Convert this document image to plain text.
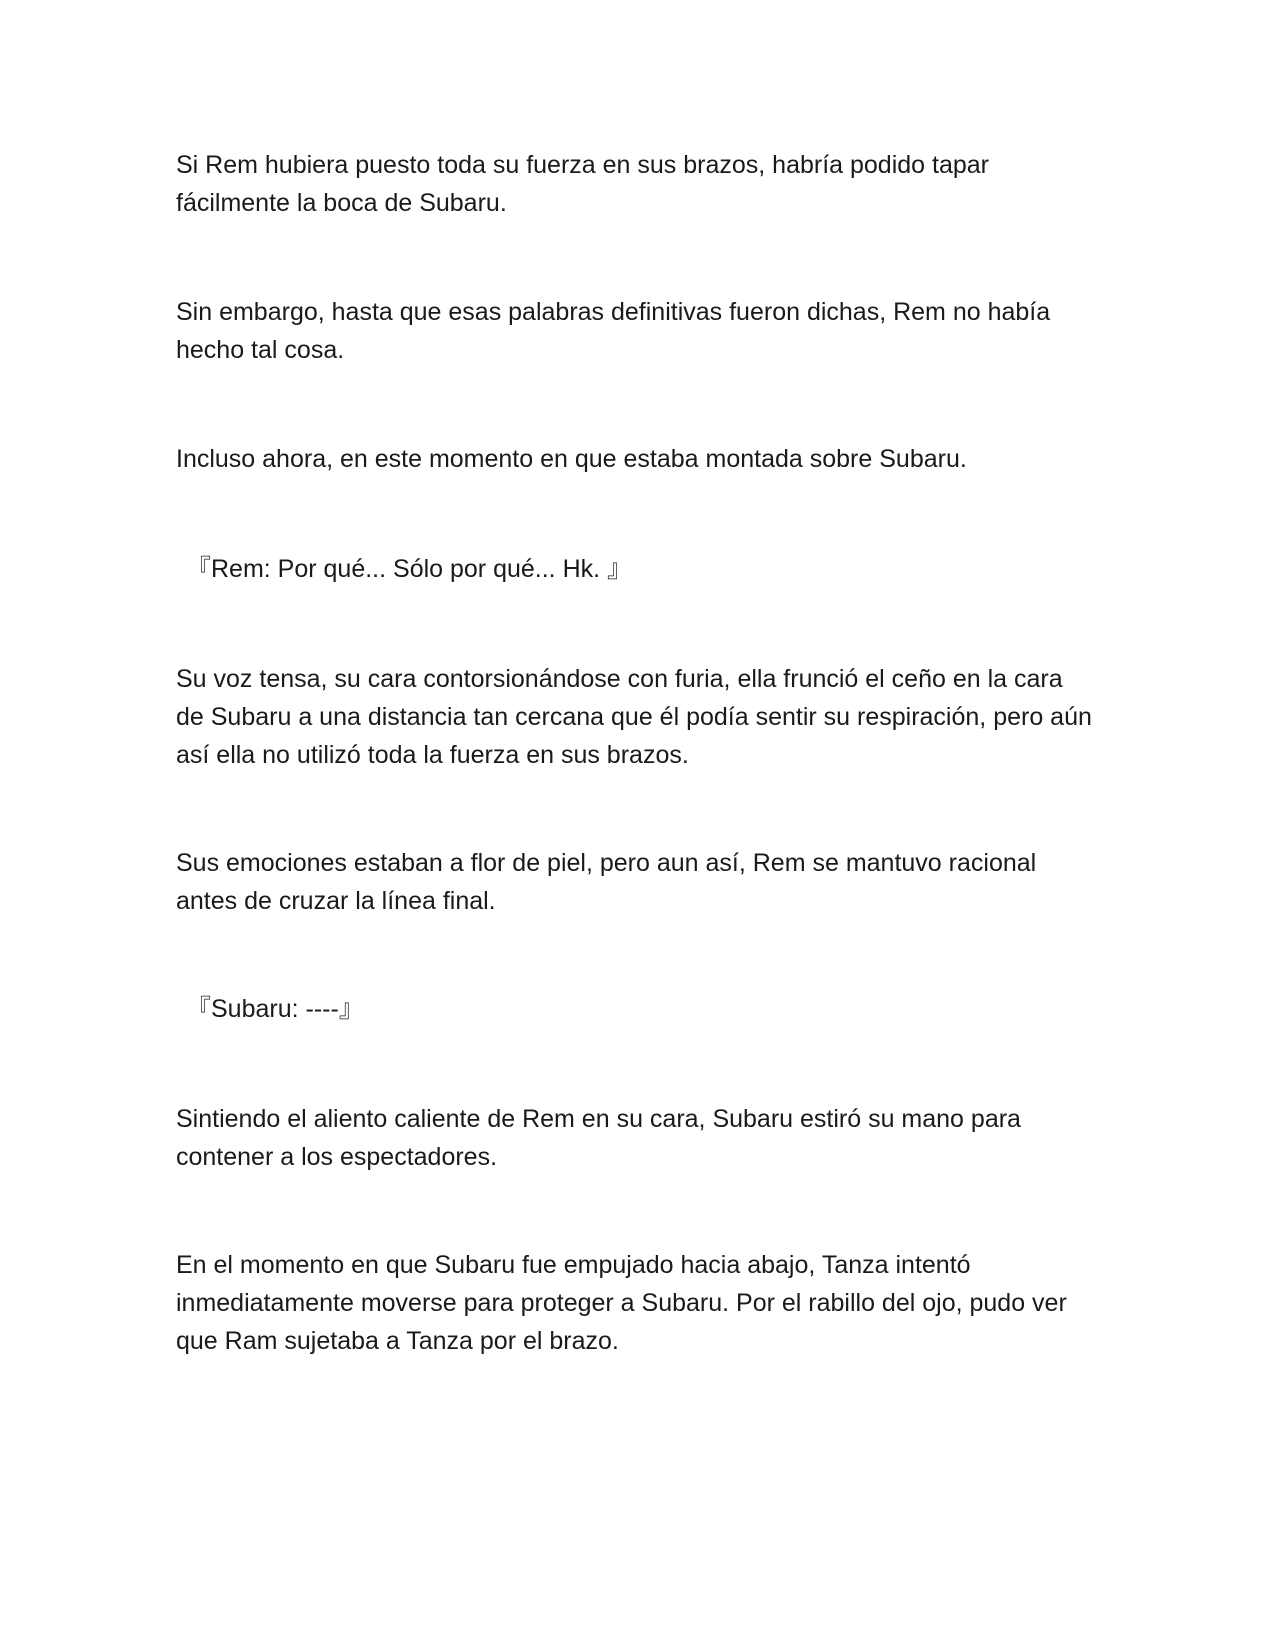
Si Rem hubiera puesto toda su fuerza en sus brazos, habría podido tapar fácilmente la boca de Subaru.

Sin embargo, hasta que esas palabras definitivas fueron dichas, Rem no había hecho tal cosa.

Incluso ahora, en este momento en que estaba montada sobre Subaru.

『Rem: Por qué... Sólo por qué... Hk. 』

Su voz tensa, su cara contorsionándose con furia, ella frunció el ceño en la cara de Subaru a una distancia tan cercana que él podía sentir su respiración, pero aún así ella no utilizó toda la fuerza en sus brazos.

Sus emociones estaban a flor de piel, pero aun así, Rem se mantuvo racional antes de cruzar la línea final.

『Subaru: ----』

Sintiendo el aliento caliente de Rem en su cara, Subaru estiró su mano para contener a los espectadores.

En el momento en que Subaru fue empujado hacia abajo, Tanza intentó inmediatamente moverse para proteger a Subaru. Por el rabillo del ojo, pudo ver que Ram sujetaba a Tanza por el brazo.
